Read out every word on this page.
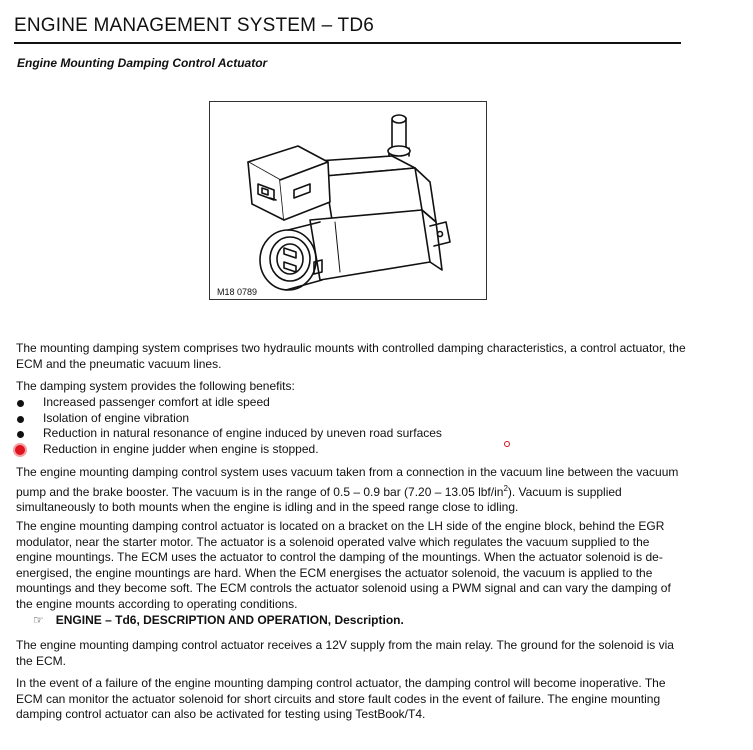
ENGINE MANAGEMENT SYSTEM – TD6
Engine Mounting Damping Control Actuator
M18 0789
The mounting damping system comprises two hydraulic mounts with controlled damping characteristics, a control actuator, the ECM and the pneumatic vacuum lines.
The damping system provides the following benefits:
Increased passenger comfort at idle speed
Isolation of engine vibration
Reduction in natural resonance of engine induced by uneven road surfaces
Reduction in engine judder when engine is stopped.
The engine mounting damping control system uses vacuum taken from a connection in the vacuum line between the vacuum pump and the brake booster. The vacuum is in the range of 0.5 – 0.9 bar (7.20 – 13.05 lbf/$in^2$). Vacuum is supplied simultaneously to both mounts when the engine is idling and in the speed range close to idling.
The engine mounting damping control actuator is located on a bracket on the LH side of the engine block, behind the EGR modulator, near the starter motor. The actuator is a solenoid operated valve which regulates the vacuum supplied to the engine mountings. The ECM uses the actuator to control the damping of the mountings. When the actuator solenoid is de-energised, the engine mountings are hard. When the ECM energises the actuator solenoid, the vacuum is applied to the mountings and they become soft. The ECM controls the actuator solenoid using a PWM signal and can vary the damping of the engine mounts according to operating conditions.
☞ ENGINE – Td6, DESCRIPTION AND OPERATION, Description.
The engine mounting damping control actuator receives a 12V supply from the main relay. The ground for the solenoid is via the ECM.
In the event of a failure of the engine mounting damping control actuator, the damping control will become inoperative. The ECM can monitor the actuator solenoid for short circuits and store fault codes in the event of failure. The engine mounting damping control actuator can also be activated for testing using TestBook/T4.
